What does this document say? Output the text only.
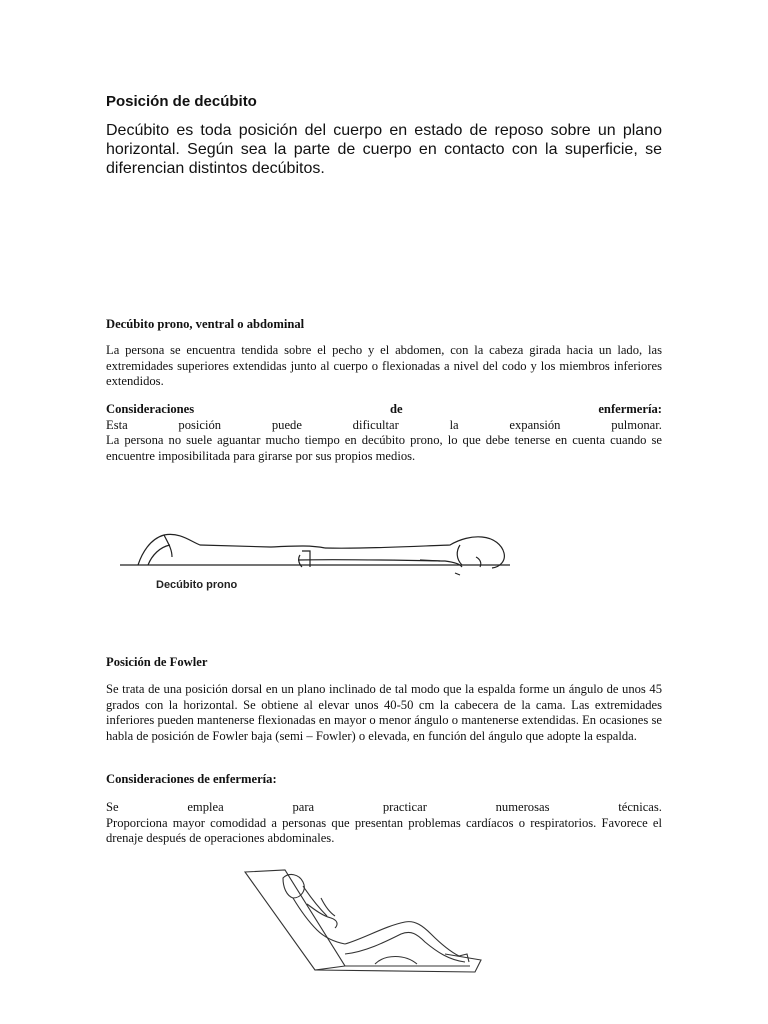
Posición de decúbito
Decúbito es toda posición del cuerpo en estado de reposo sobre un plano horizontal. Según sea la parte de cuerpo en contacto con la superficie, se diferencian distintos decúbitos.
Decúbito prono, ventral o abdominal
La persona se encuentra tendida sobre el pecho y el abdomen, con la cabeza girada hacia un lado, las extremidades superiores extendidas junto al cuerpo o flexionadas a nivel del codo y los miembros inferiores extendidos.
Consideraciones	de	enfermería:
Esta	posición	puede	dificultar	la	expansión	pulmonar.
La persona no suele aguantar mucho tiempo en decúbito prono, lo que debe tenerse en cuenta cuando se encuentre imposibilitada para girarse por sus propios medios.
Decúbito prono
Posición de Fowler
Se trata de una posición dorsal en un plano inclinado de tal modo que la espalda forme un ángulo de unos 45 grados con la horizontal. Se obtiene al elevar unos 40-50 cm la cabecera de la cama. Las extremidades inferiores pueden mantenerse flexionadas en mayor o menor ángulo o mantenerse extendidas. En ocasiones se habla de posición de Fowler baja (semi – Fowler) o elevada, en función del ángulo que adopte la espalda.
Consideraciones de enfermería:
Se	emplea	para	practicar	numerosas	técnicas.
Proporciona mayor comodidad a personas que presentan problemas cardíacos o respiratorios. Favorece el drenaje después de operaciones abdominales.
